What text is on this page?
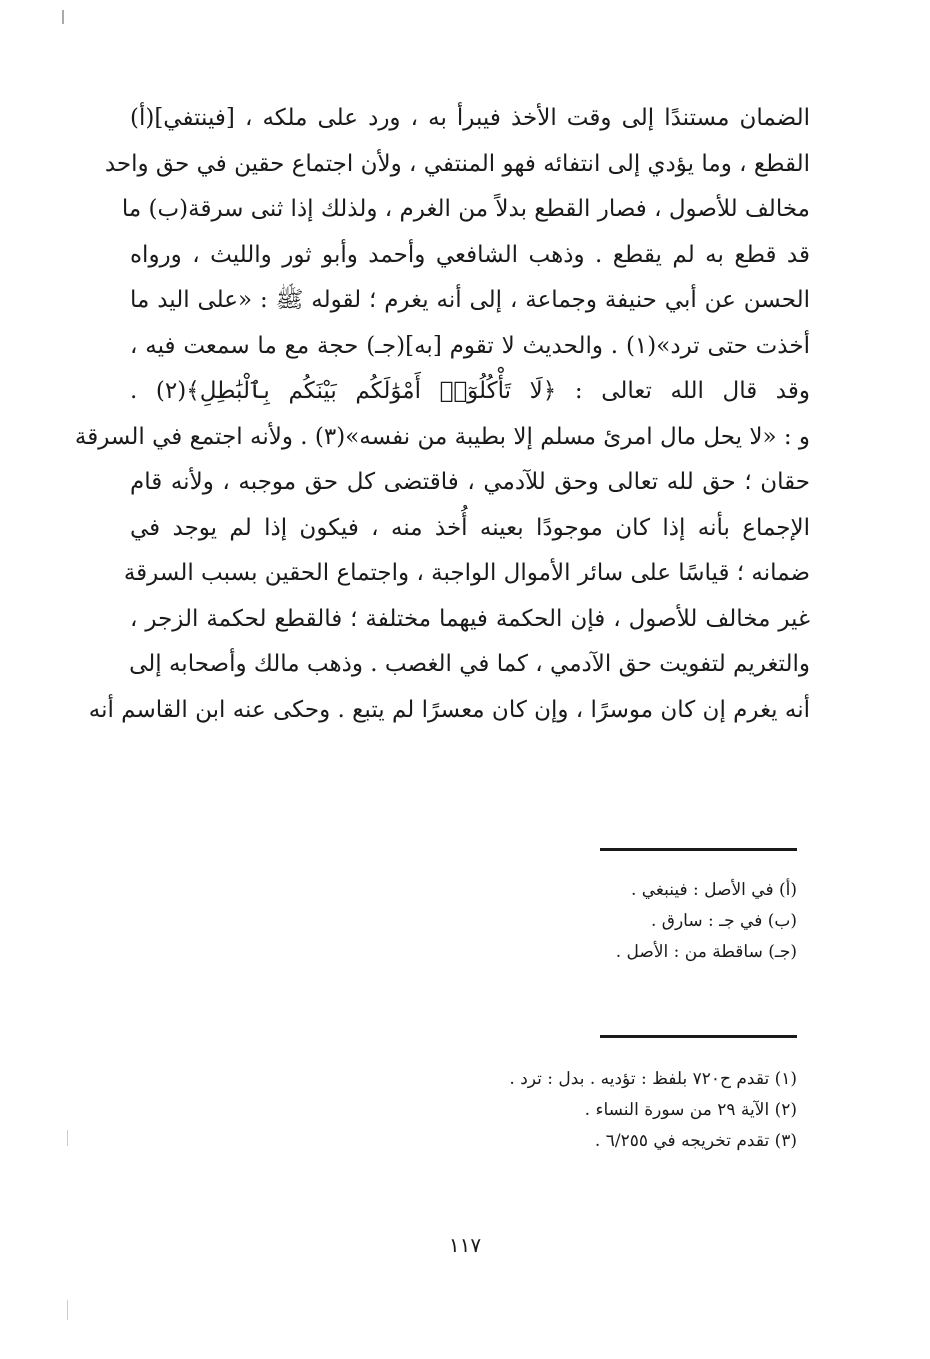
الضمان مستندًا إلى وقت الأخذ فيبرأ به ، ورد على ملكه ، [فينتفي](أ)
القطع ، وما يؤدي إلى انتفائه فهو المنتفي ، ولأن اجتماع حقين في حق واحد
مخالف للأصول ، فصار القطع بدلاً من الغرم ، ولذلك إذا ثنى سرقة(ب) ما
قد قطع به لم يقطع . وذهب الشافعي وأحمد وأبو ثور والليث ، ورواه
الحسن عن أبي حنيفة وجماعة ، إلى أنه يغرم ؛ لقوله ﷺ : «على اليد ما
أخذت حتى ترد»(١) . والحديث لا تقوم [به](جـ) حجة مع ما سمعت فيه ،
وقد قال الله تعالى : ﴿لَا تَأْكُلُوٓا۟ أَمْوَٰلَكُم بَيْنَكُم بِٱلْبَٰطِلِ﴾(٢) .
و : «لا يحل مال امرئ مسلم إلا بطيبة من نفسه»(٣) . ولأنه اجتمع في السرقة
حقان ؛ حق لله تعالى وحق للآدمي ، فاقتضى كل حق موجبه ، ولأنه قام
الإجماع بأنه إذا كان موجودًا بعينه أُخذ منه ، فيكون إذا لم يوجد في
ضمانه ؛ قياسًا على سائر الأموال الواجبة ، واجتماع الحقين بسبب السرقة
غير مخالف للأصول ، فإن الحكمة فيهما مختلفة ؛ فالقطع لحكمة الزجر ،
والتغريم لتفويت حق الآدمي ، كما في الغصب . وذهب مالك وأصحابه إلى
أنه يغرم إن كان موسرًا ، وإن كان معسرًا لم يتبع . وحكى عنه ابن القاسم أنه
(أ) في الأصل : فينبغي .
(ب) في جـ : سارق .
(جـ) ساقطة من : الأصل .
(١) تقدم ح٧٢٠ بلفظ : تؤديه . بدل : ترد .
(٢) الآية ٢٩ من سورة النساء .
(٣) تقدم تخريجه في ٦/٢٥٥ .
١١٧
